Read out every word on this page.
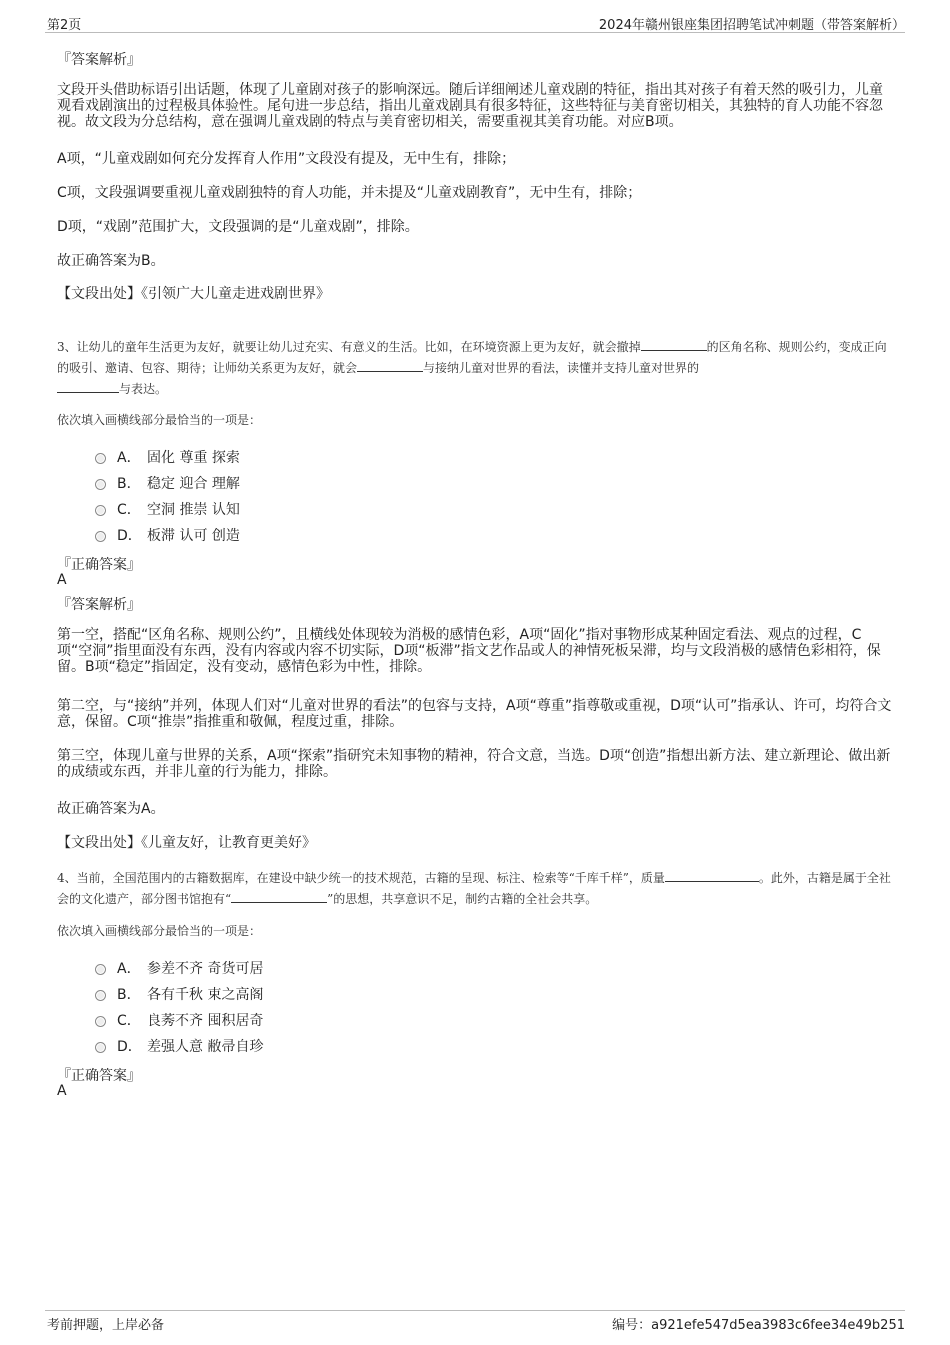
第2页	2024年赣州银座集团招聘笔试冲刺题（带答案解析）
『答案解析』
文段开头借助标语引出话题，体现了儿童剧对孩子的影响深远。随后详细阐述儿童戏剧的特征，指出其对孩子有着天然的吸引力，儿童观看戏剧演出的过程极具体验性。尾句进一步总结，指出儿童戏剧具有很多特征，这些特征与美育密切相关，其独特的育人功能不容忽视。故文段为分总结构，意在强调儿童戏剧的特点与美育密切相关，需要重视其美育功能。对应B项。
A项，“儿童戏剧如何充分发挥育人作用”文段没有提及，无中生有，排除；
C项，文段强调要重视儿童戏剧独特的育人功能，并未提及“儿童戏剧教育”，无中生有，排除；
D项，“戏剧”范围扩大，文段强调的是“儿童戏剧”，排除。
故正确答案为B。
【文段出处】《引领广大儿童走进戏剧世界》
3、让幼儿的童年生活更为友好，就要让幼儿过充实、有意义的生活。比如，在环境资源上更为友好，就会撤掉	的区角名称、规则公约，变成正向的吸引、邀请、包容、期待；让师幼关系更为友好，就会	与接纳儿童对世界的看法，读懂并支持儿童对世界的
与表达。
依次填入画横线部分最恰当的一项是：
A． 固化 尊重 探索
B． 稳定 迎合 理解
C． 空洞 推崇 认知
D． 板滞 认可 创造
『正确答案』
A
『答案解析』
第一空，搭配“区角名称、规则公约”，且横线处体现较为消极的感情色彩，A项“固化”指对事物形成某种固定看法、观点的过程，C项“空洞”指里面没有东西，没有内容或内容不切实际，D项“板滞”指文艺作品或人的神情死板呆滞，均与文段消极的感情色彩相符，保留。B项“稳定”指固定，没有变动，感情色彩为中性，排除。
第二空，与“接纳”并列，体现人们对“儿童对世界的看法”的包容与支持，A项“尊重”指尊敬或重视，D项“认可”指承认、许可，均符合文意，保留。C项“推崇”指推重和敬佩，程度过重，排除。
第三空，体现儿童与世界的关系，A项“探索”指研究未知事物的精神，符合文意，当选。D项“创造”指想出新方法、建立新理论、做出新的成绩或东西，并非儿童的行为能力，排除。
故正确答案为A。
【文段出处】《儿童友好，让教育更美好》
4、当前，全国范围内的古籍数据库，在建设中缺少统一的技术规范，古籍的呈现、标注、检索等“千库千样”，质量	。此外，古籍是属于全社会的文化遗产，部分图书馆抱有“	”的思想，共享意识不足，制约古籍的全社会共享。
依次填入画横线部分最恰当的一项是：
A． 参差不齐 奇货可居
B． 各有千秋 束之高阁
C． 良莠不齐 囤积居奇
D． 差强人意 敝帚自珍
『正确答案』
A
考前押题，上岸必备	编号：a921efe547d5ea3983c6fee34e49b251
